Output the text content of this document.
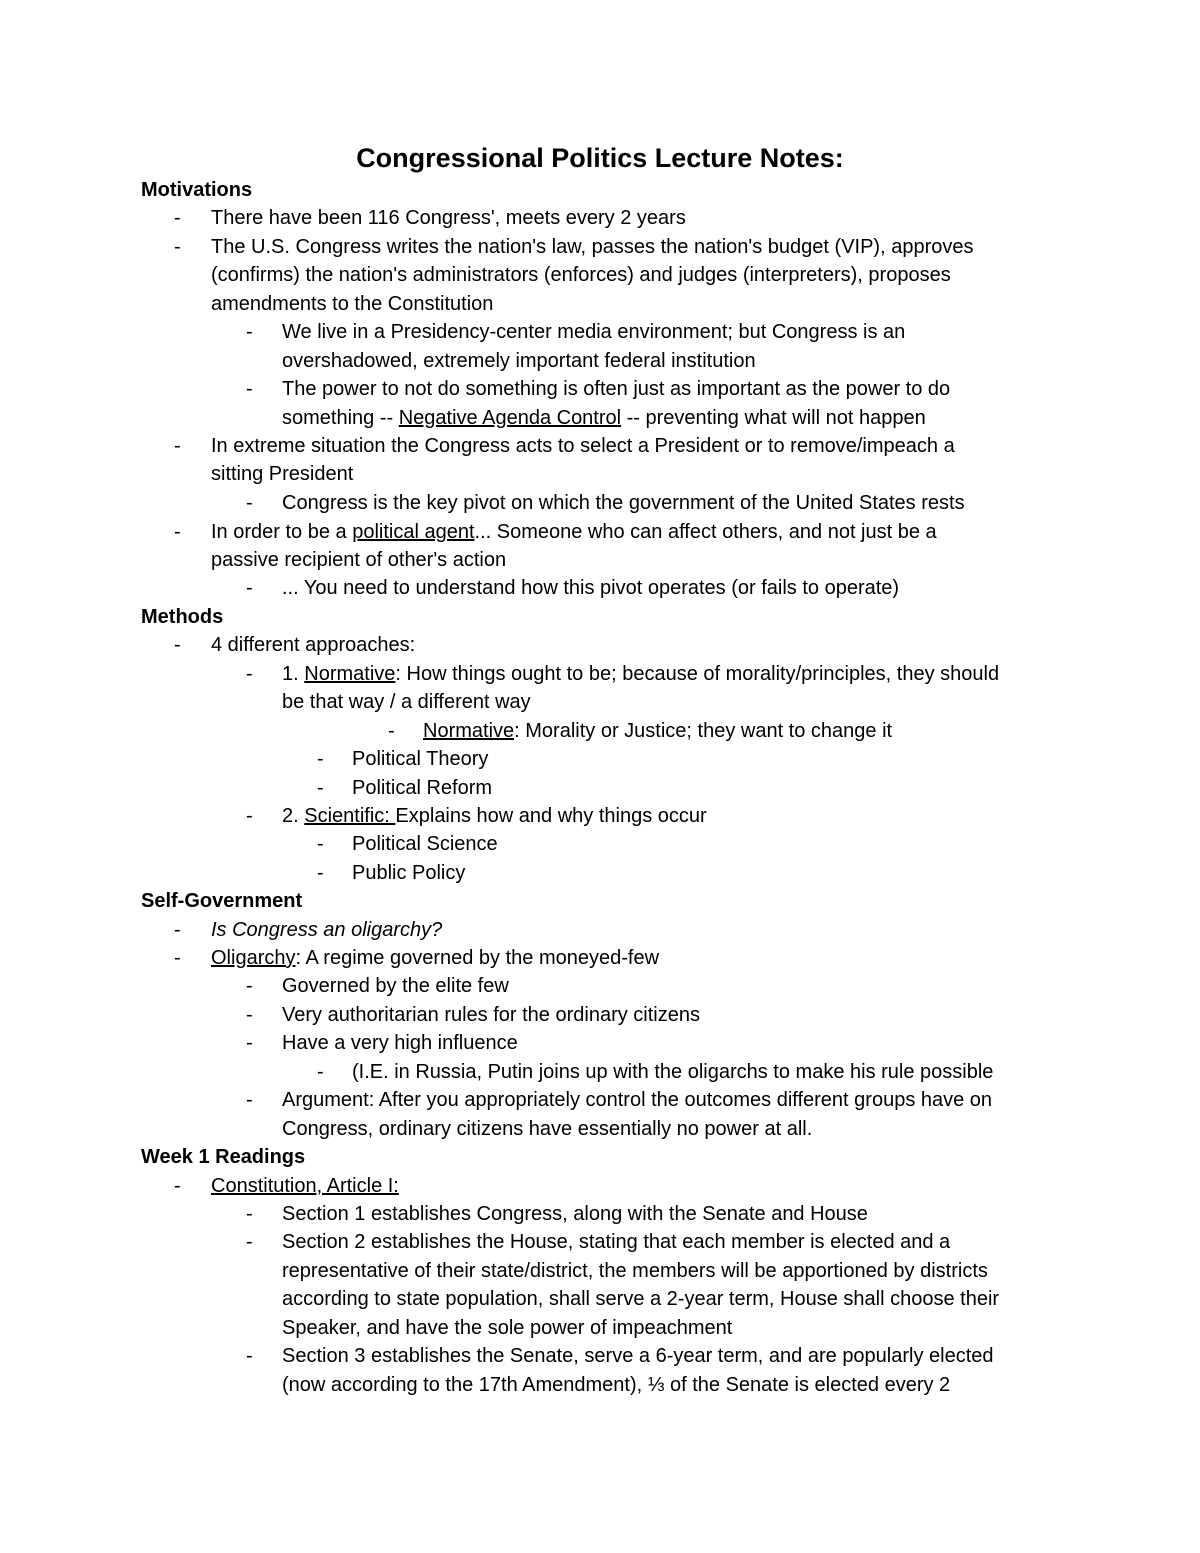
Congressional Politics Lecture Notes:
Motivations
- There have been 116 Congress', meets every 2 years
- The U.S. Congress writes the nation's law, passes the nation's budget (VIP), approves
(confirms) the nation's administrators (enforces) and judges (interpreters), proposes
amendments to the Constitution
- We live in a Presidency-center media environment; but Congress is an
overshadowed, extremely important federal institution
- The power to not do something is often just as important as the power to do
something -- Negative Agenda Control -- preventing what will not happen
- In extreme situation the Congress acts to select a President or to remove/impeach a
sitting President
- Congress is the key pivot on which the government of the United States rests
- In order to be a political agent... Someone who can affect others, and not just be a
passive recipient of other's action
- ... You need to understand how this pivot operates (or fails to operate)
Methods
- 4 different approaches:
- 1. Normative: How things ought to be; because of morality/principles, they should
be that way / a different way
- Normative: Morality or Justice; they want to change it
- Political Theory
- Political Reform
- 2. Scientific: Explains how and why things occur
- Political Science
- Public Policy
Self-Government
- Is Congress an oligarchy?
- Oligarchy: A regime governed by the moneyed-few
- Governed by the elite few
- Very authoritarian rules for the ordinary citizens
- Have a very high influence
- (I.E. in Russia, Putin joins up with the oligarchs to make his rule possible
- Argument: After you appropriately control the outcomes different groups have on
Congress, ordinary citizens have essentially no power at all.
Week 1 Readings
- Constitution, Article I:
- Section 1 establishes Congress, along with the Senate and House
- Section 2 establishes the House, stating that each member is elected and a
representative of their state/district, the members will be apportioned by districts
according to state population, shall serve a 2-year term, House shall choose their
Speaker, and have the sole power of impeachment
- Section 3 establishes the Senate, serve a 6-year term, and are popularly elected
(now according to the 17th Amendment), ⅓ of the Senate is elected every 2
